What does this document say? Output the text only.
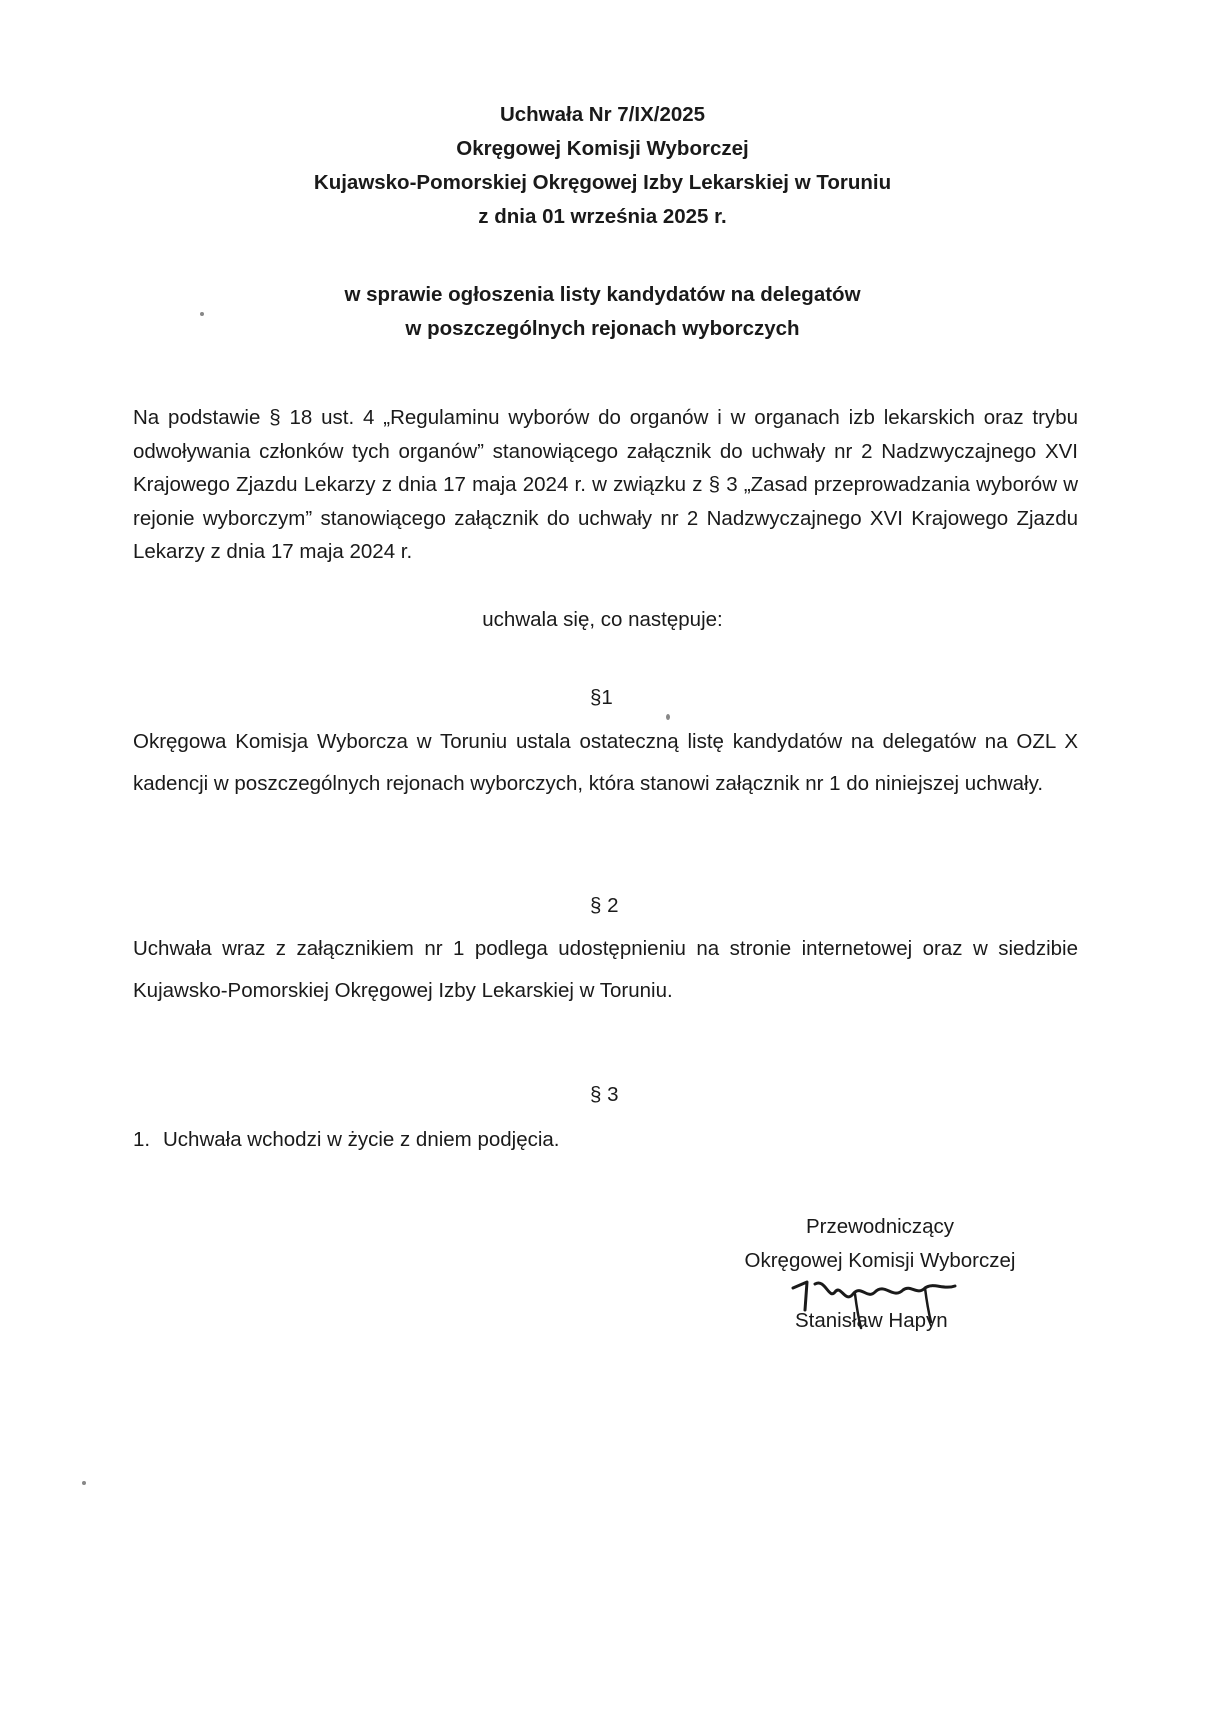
Uchwała Nr 7/IX/2025
Okręgowej Komisji Wyborczej
Kujawsko-Pomorskiej Okręgowej Izby Lekarskiej w Toruniu
z dnia 01 września 2025 r.
w sprawie ogłoszenia listy kandydatów na delegatów
w poszczególnych rejonach wyborczych
Na podstawie § 18 ust. 4 „Regulaminu wyborów do organów i w organach izb lekarskich oraz trybu odwoływania członków tych organów” stanowiącego załącznik do uchwały nr 2 Nadzwyczajnego XVI Krajowego Zjazdu Lekarzy z dnia 17 maja 2024 r. w związku z § 3 „Zasad przeprowadzania wyborów w rejonie wyborczym” stanowiącego załącznik do uchwały nr 2 Nadzwyczajnego XVI Krajowego Zjazdu Lekarzy z dnia 17 maja 2024 r.
uchwala się, co następuje:
§1
Okręgowa Komisja Wyborcza w Toruniu ustala ostateczną listę kandydatów na delegatów na OZL X kadencji w poszczególnych rejonach wyborczych, która stanowi załącznik nr 1 do niniejszej uchwały.
§ 2
Uchwała wraz z załącznikiem nr 1 podlega udostępnieniu na stronie internetowej oraz w siedzibie Kujawsko-Pomorskiej Okręgowej Izby Lekarskiej w Toruniu.
§ 3
1. Uchwała wchodzi w życie z dniem podjęcia.
Przewodniczący
Okręgowej Komisji Wyborczej
Stanisław Hapyn
